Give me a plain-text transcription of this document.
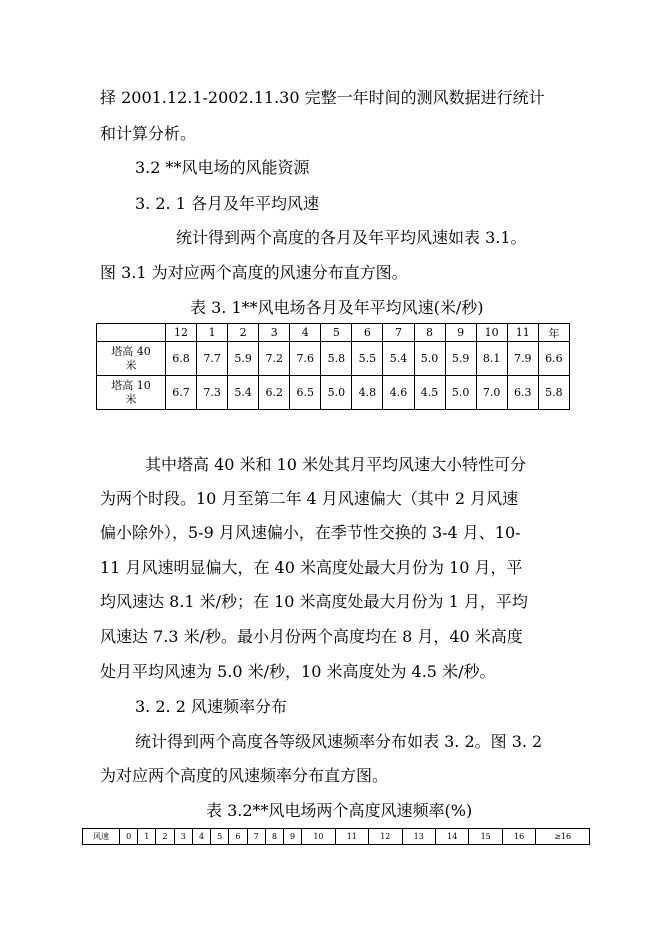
择 2001.12.1-2002.11.30 完整一年时间的测风数据进行统计
和计算分析。
3.2 **风电场的风能资源
3. 2. 1 各月及年平均风速
统计得到两个高度的各月及年平均风速如表 3.1。
图 3.1 为对应两个高度的风速分布直方图。
表 3. 1**风电场各月及年平均风速(米/秒)
	12	1	2	3	4	5	6	7	8	9	10	11	年
塔高 40
米	6.8	7.7	5.9	7.2	7.6	5.8	5.5	5.4	5.0	5.9	8.1	7.9	6.6
塔高 10
米	6.7	7.3	5.4	6.2	6.5	5.0	4.8	4.6	4.5	5.0	7.0	6.3	5.8
其中塔高 40 米和 10 米处其月平均风速大小特性可分
为两个时段。10 月至第二年 4 月风速偏大（其中 2 月风速
偏小除外），5-9 月风速偏小，在季节性交换的 3-4 月、10-
11 月风速明显偏大，在 40 米高度处最大月份为 10 月，平
均风速达 8.1 米/秒；在 10 米高度处最大月份为 1 月，平均
风速达 7.3 米/秒。最小月份两个高度均在 8 月，40 米高度
处月平均风速为 5.0 米/秒，10 米高度处为 4.5 米/秒。
3. 2. 2 风速频率分布
统计得到两个高度各等级风速频率分布如表 3. 2。图 3. 2
为对应两个高度的风速频率分布直方图。
表 3.2**风电场两个高度风速频率(%)
风速	0	1	2	3	4	5	6	7	8	9	10	11	12	13	14	15	16	≥16
